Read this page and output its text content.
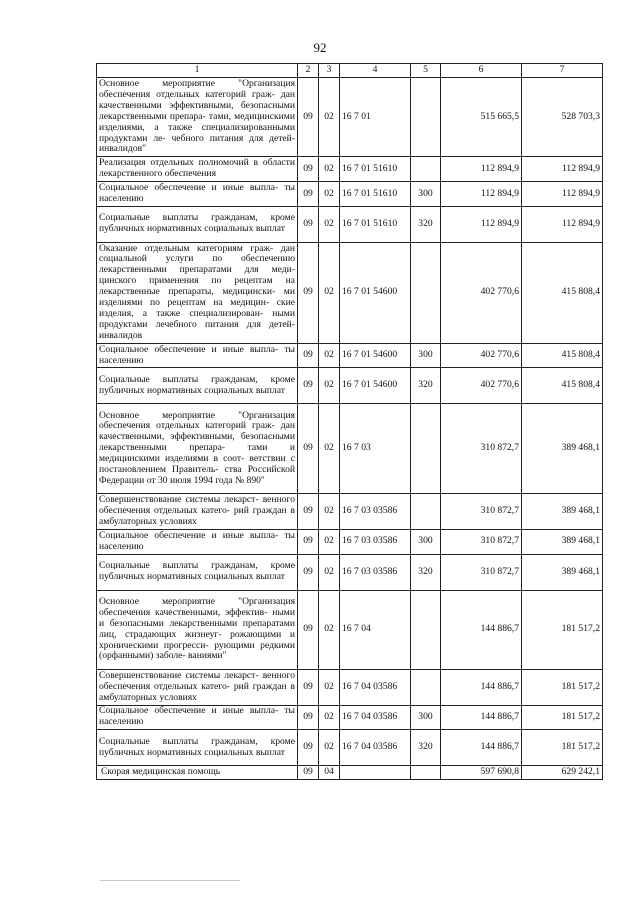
92
1	2	3	4	5	6	7
Основное мероприятие "Организация обеспечения отдельных категорий граж- дан качественными эффективными, безопасными лекарственными препара- тами, медицинскими изделиями, а также специализированными продуктами ле- чебного питания для детей-инвалидов"	09	02	16 7 01		515 665,5	528 703,3
Реализация отдельных полномочий в области лекарственного обеспечения	09	02	16 7 01 51610		112 894,9	112 894,9
Социальное обеспечение и иные выпла- ты населению	09	02	16 7 01 51610	300	112 894,9	112 894,9
Социальные выплаты гражданам, кроме публичных нормативных социальных выплат	09	02	16 7 01 51610	320	112 894,9	112 894,9
Оказание отдельным категориям граж- дан социальной услуги по обеспечению лекарственными препаратами для меди- цинского применения по рецептам на лекарственные препараты, медицински- ми изделиями по рецептам на медицин- ские изделия, а также специализирован- ными продуктами лечебного питания для детей-инвалидов	09	02	16 7 01 54600		402 770,6	415 808,4
Социальное обеспечение и иные выпла- ты населению	09	02	16 7 01 54600	300	402 770,6	415 808,4
Социальные выплаты гражданам, кроме публичных нормативных социальных выплат	09	02	16 7 01 54600	320	402 770,6	415 808,4
Основное мероприятие "Организация обеспечения отдельных категорий граж- дан качественными, эффективными, безопасными лекарственными препара- тами и медицинскими изделиями в соот- ветствии с постановлением Правитель- ства Российской Федерации от 30 июля 1994 года № 890"	09	02	16 7 03		310 872,7	389 468,1
Совершенствование системы лекарст- венного обеспечения отдельных катего- рий граждан в амбулаторных условиях	09	02	16 7 03 03586		310 872,7	389 468,1
Социальное обеспечение и иные выпла- ты населению	09	02	16 7 03 03586	300	310 872,7	389 468,1
Социальные выплаты гражданам, кроме публичных нормативных социальных выплат	09	02	16 7 03 03586	320	310 872,7	389 468,1
Основное мероприятие "Организация обеспечения качественными, эффектив- ными и безопасными лекарственными препаратами лиц, страдающих жизнеуг- рожающими и хроническими прогресси- рующими редкими (орфанными) заболе- ваниями"	09	02	16 7 04		144 886,7	181 517,2
Совершенствование системы лекарст- венного обеспечения отдельных катего- рий граждан в амбулаторных условиях	09	02	16 7 04 03586		144 886,7	181 517,2
Социальное обеспечение и иные выпла- ты населению	09	02	16 7 04 03586	300	144 886,7	181 517,2
Социальные выплаты гражданам, кроме публичных нормативных социальных выплат	09	02	16 7 04 03586	320	144 886,7	181 517,2
Скорая медицинская помощь	09	04			597 690,8	629 242,1
